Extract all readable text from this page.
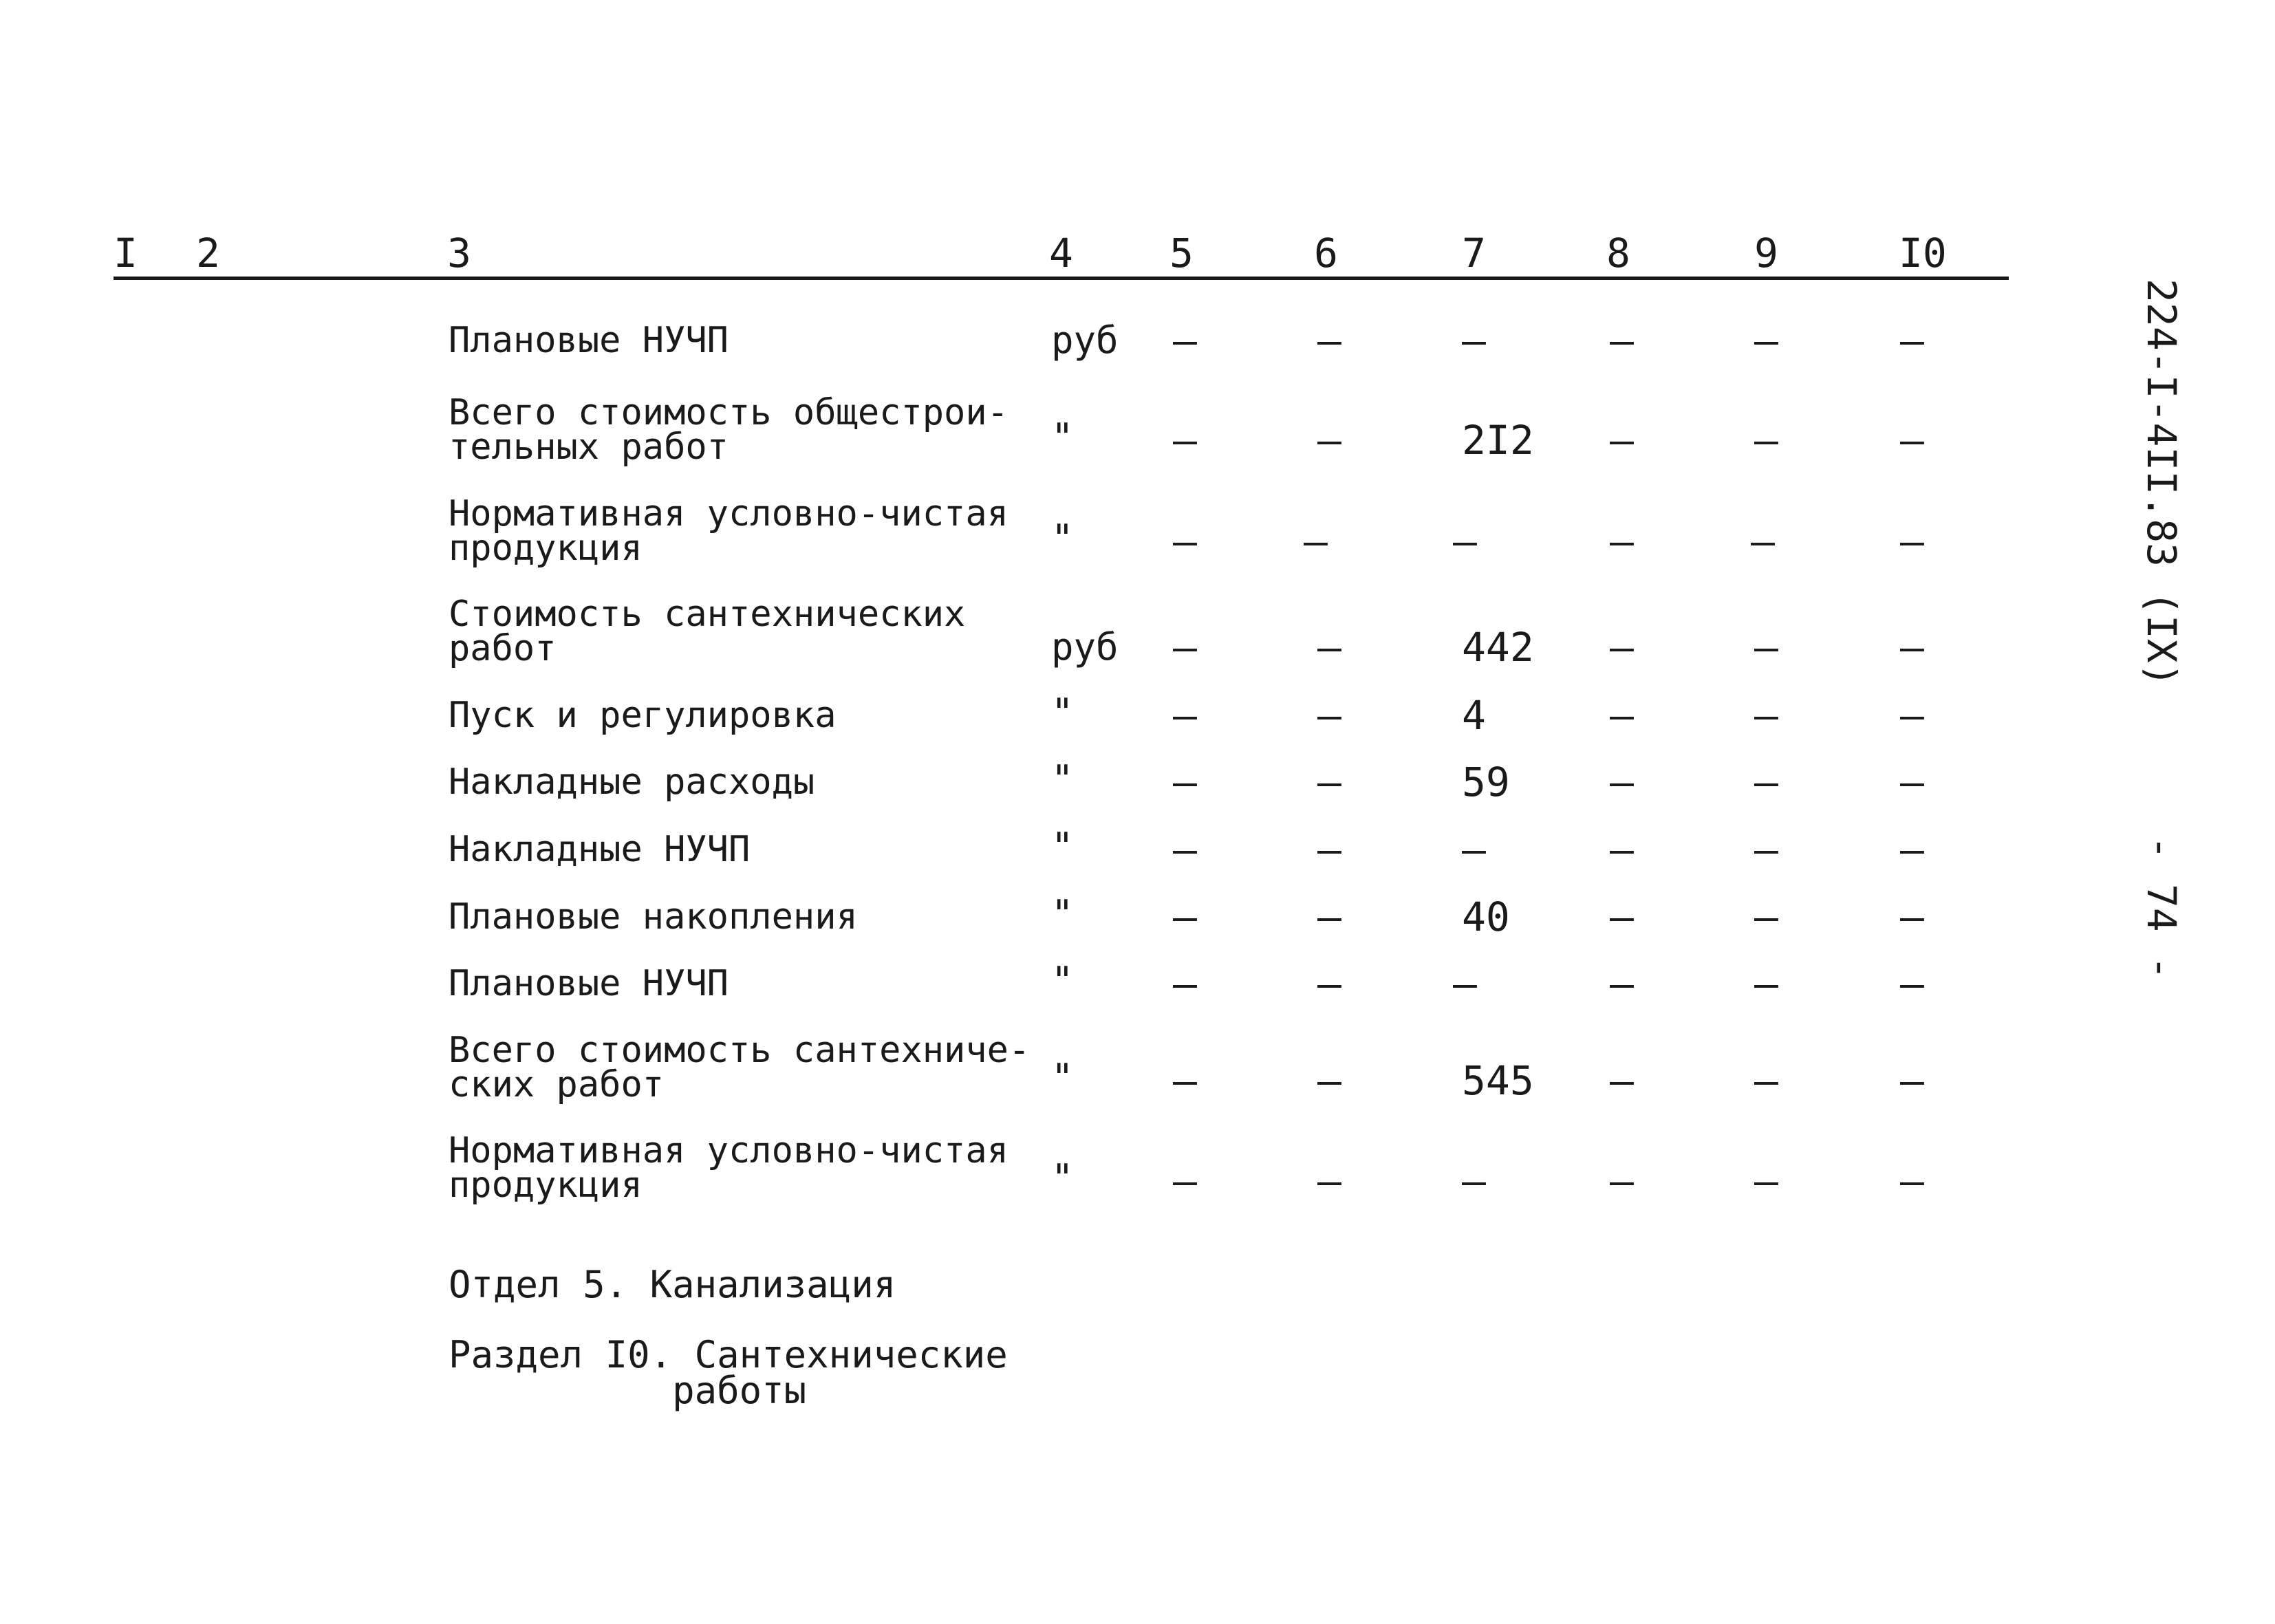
I 2	3	4 5	6	7	8	9	I0
Плановые НУЧП	руб –	–	–	–	–	–
Всего стоимость общестрои-
тельных работ	" –	–	2I2 –	–	–
Нормативная условно-чистая
продукция	" –	–	–	–	–	–
Стоимость сантехнических
работ	руб –	–	442 –	–	–
Пуск и регулировка	" –	–	4	–	–	–
Накладные расходы	" –	–	59	–	–	–
Накладные НУЧП	" –	–	–	–	–	–
Плановые накопления	" –	–	40	–	–	–
Плановые НУЧП	" –	–	–	–	–	–
Всего стоимость сантехниче-
ских работ	" –	–	545 –	–	–
Нормативная условно-чистая
продукция	" –	–	–	–	–	–
Отдел 5. Канализация
Раздел I0. Сантехнические
работы
224-I-4II.83 (IX)
- 74 -
